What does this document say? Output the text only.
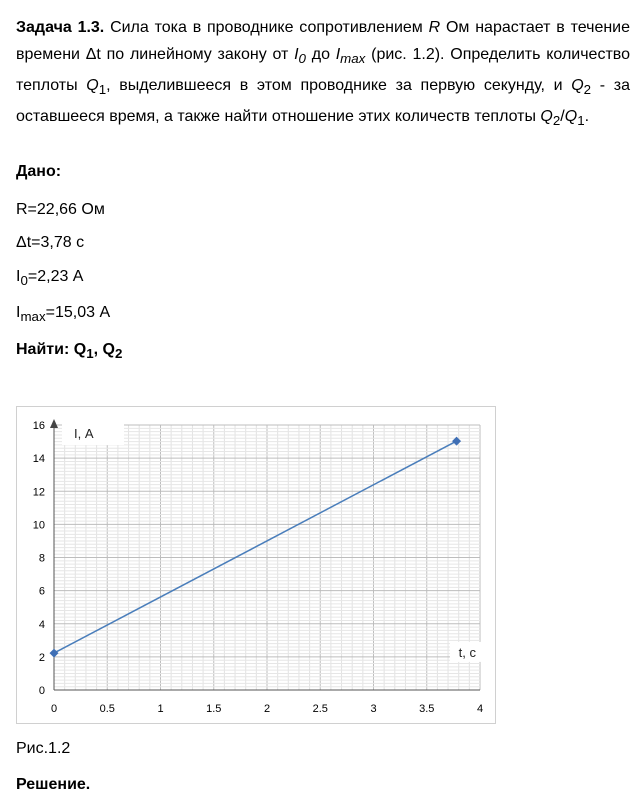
Задача 1.3. Сила тока в проводнике сопротивлением R Ом нарастает в течение времени Δt по линейному закону от $I_0$ до $I_{max}$ (рис. 1.2). Определить количество теплоты $Q_1$, выделившееся в этом проводнике за первую секунду, и $Q_2$ - за оставшееся время, а также найти отношение этих количеств теплоты $Q_2/Q_1$.
Дано:
R=22,66 Ом
Δt=3,78 с
$I_0=2,23$ А
$I_{max}=15,03$ А
Найти: $Q_1$, $Q_2$
0	0.5	1	1.5	2	2.5	3	3.5	4
0
2
4
6
8
10
12
14
16 I, А
t, с
Рис.1.2
Решение.
